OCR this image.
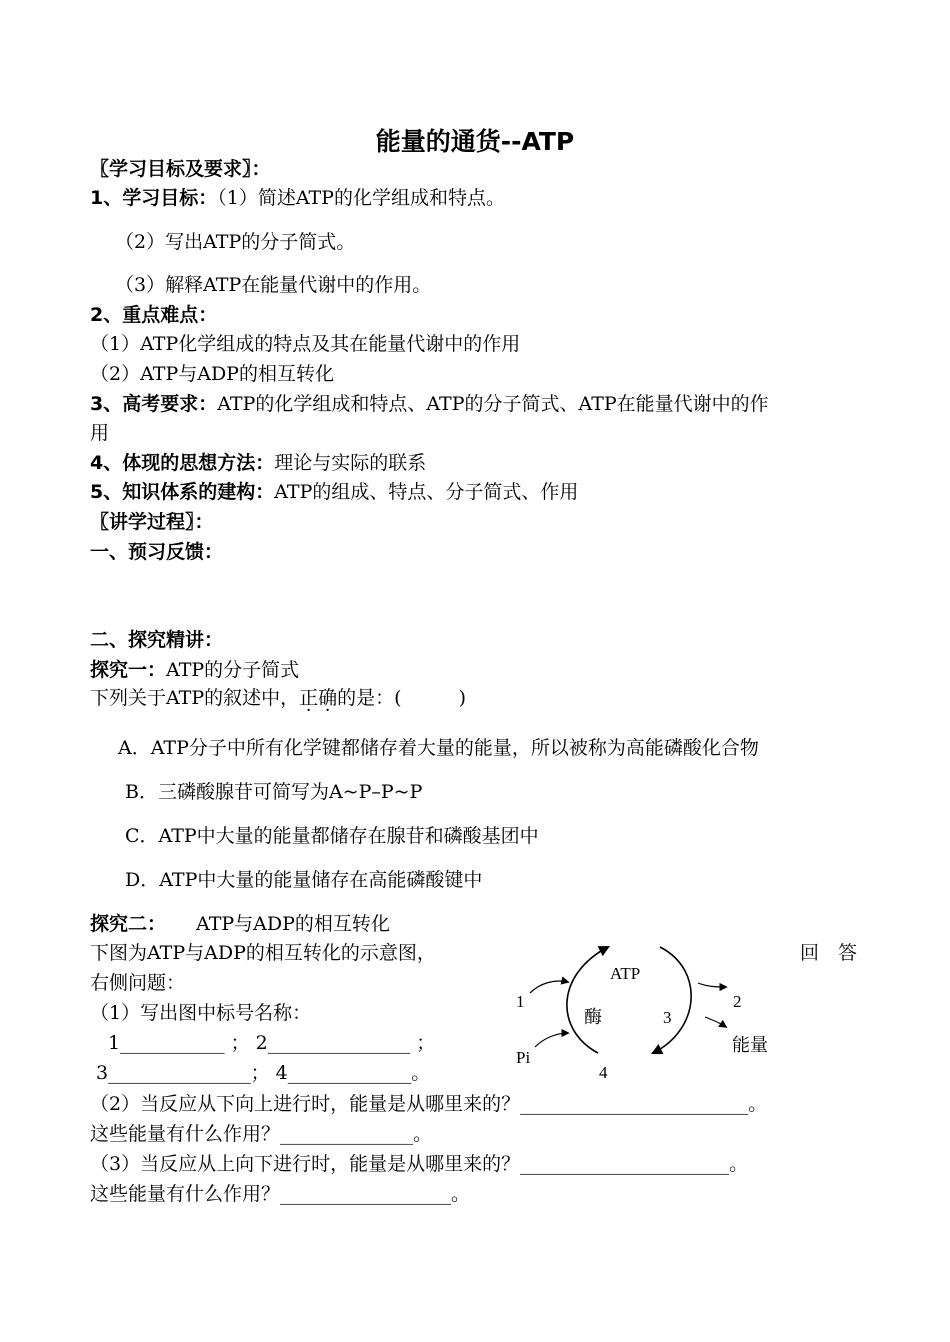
能量的通货--ATP
〖学习目标及要求〗：
1、学习目标：（1）简述ATP的化学组成和特点。
（2）写出ATP的分子简式。
（3）解释ATP在能量代谢中的作用。
2、重点难点：
（1）ATP化学组成的特点及其在能量代谢中的作用
（2）ATP与ADP的相互转化
3、高考要求：ATP的化学组成和特点、ATP的分子简式、ATP在能量代谢中的作
用
4、体现的思想方法：理论与实际的联系
5、知识体系的建构：ATP的组成、特点、分子简式、作用
〖讲学过程〗：
一、预习反馈：
二、探究精讲：
探究一：ATP的分子简式
下列关于ATP的叙述中，正确的是：(　　　)
A．ATP分子中所有化学键都储存着大量的能量，所以被称为高能磷酸化合物
B．三磷酸腺苷可简写为A~P–P~P
C．ATP中大量的能量都储存在腺苷和磷酸基团中
D．ATP中大量的能量储存在高能磷酸键中
探究二： ATP与ADP的相互转化
下图为ATP与ADP的相互转化的示意图，	回　答
右侧问题：
（1）写出图中标号名称：
1___________ ； 2_______________ ；
3_______________； 4_____________。
（2）当反应从下向上进行时，能量是从哪里来的？________________________。
这些能量有什么作用？______________。
（3）当反应从上向下进行时，能量是从哪里来的？______________________。
这些能量有什么作用？__________________。
ATP
1
Pi
酶	3
2
能量
4
